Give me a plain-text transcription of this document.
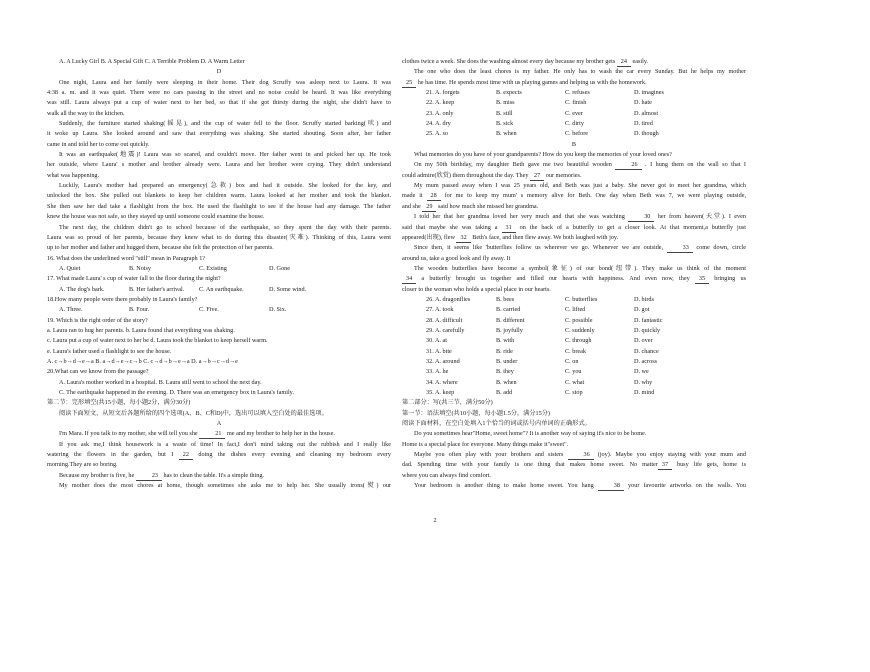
A. A Lucky Girl B. A Special Gift C. A Terrible Problem D. A Warm Letter

D

One night, Laura and her family were sleeping in their home. Their dog Scruffy was asleep next to Laura. It was

4:38 a. m. and it was quiet. There were no cars passing in the street and no noise could be heard. It was like everything

was still. Laura always put a cup of water next to her bed, so that if she got thirsty during the night, she didn't have to

walk all the way to the kitchen.

Suddenly, the furniture started shaking(摇晃), and the cup of water fell to the floor. Scruffy started barking(吠) and

it woke up Laura. She looked around and saw that everything was shaking. She started shouting. Soon after, her father

came in and told her to come out quickly.

It was an earthquake(地震)! Laura was so scared, and couldn't move. Her father went in and picked her up. He took

her outside, where Laura' s mother and brother already were. Laura and her brother were crying. They didn't understand

what was happening.

Luckily, Laura's mother had prepared an emergency(急救) box and had it outside. She looked for the key, and

unlocked the box. She pulled out blankets to keep her children warm. Laura looked at her mother and took the blanket.

She then saw her dad take a flashlight from the box. He used the flashlight to see if the house had any damage. The father

knew the house was not safe, so they stayed up until someone could examine the house.

The next day, the children didn't go to school because of the earthquake, so they spent the day with their parents.

Laura was so proud of her parents, because they knew what to do during this disaster(灾难). Thinking of this, Laura went

up to her mother and father and hugged them, because she felt the protection of her parents.

16. What does the underlined word "still" mean in Paragraph 1?

A. Quiet	B. Noisy	C. Existing	D. Gone

17. What made Laura' s cup of water fall to the floor during the night?

A. The dog's bark.	B. Her father's arrival.	C. An earthquake.	D. Some wind.

18.How many people were there probably in Laura's family?

A. Three.	B. Four.	C. Five.	D. Six.

19. Which is the right order of the story?

a. Laura ran to hug her parents. b. Laura found that everything was shaking.

c. Laura put a cup of water next to her be d. Laura took the blanket to keep herself warm.

e. Laura's father used a flashlight to see the house.

A. c→b→d→e→a B. a→d→e→c→b C. c→d→b→e→a D. a→b→c→d→e

20.What can we know from the passage?

A. Laura's mother worked in a hospital. B. Laura still went to school the next day.

C. The earthquake happened in the evening. D. There was an emergency box in Laura's family.

第二节：完形填空(共15小题，每小题2分，满分30分)

阅读下面短文，从短文后各题所给的四个选项(A、B、C和D)中，选出可以填入空白处的最佳选项。

A

I'm Mara. If you talk to my mother, she will tell you she	21 me and my brother to help her in the house.

If you ask me,I think housework is a waste of time! In fact,I don't mind taking out the rubbish and I really like

watering the flowers in the garden, but I 22 doing the dishes every evening and cleaning my bedroom every

morning.They are so boring.

Because my brother is five, he	23 has to clean the table. It's a simple thing.

My mother does the most chores at home, though sometimes she asks me to help her. She usually irons(熨) our

clothes twice a week. She does the washing almost every day because my brother gets 24 easily.

The one who does the least chores is my father. He only has to wash the car every Sunday. But he helps my mother

25 he has time. He spends most time with us playing games and helping us with the homework.

21. A. forgets	B. expects	C. refuses	D. imagines

22. A. keep	B. miss	C. finish	D. hate

23. A. only	B. still	C. ever	D. almost

24. A. dry	B. sick	C. dirty	D. tired

25. A. so	B. when	C. before	D. though

B

What memories do you have of your grandparents? How do you keep the memories of your loved ones?

On my 50th birthday, my daughter Beth gave me two beautiful wooden	26 . I hung them on the wall so that I

could admire(欣赏) them throughout the day. They 27 our memories.

My mum passed away when I was 25 years old, and Beth was just a baby. She never got to meet her grandma, which

made it 28 for me to keep my mum' s memory alive for Beth. One day when Beth was 7, we were playing outside,

and she 29 said how much she missed her grandma.

I told her that her grandma loved her very much and that she was watching	30 her from heaven(天堂). I even

said that maybe she was taking a 31 on the back of a butterfly to get a closer look. At that moment,a butterfly just

appeared(出现), flew 32 Beth's face, and then flew away. We both laughed with joy.

Since then, it seems like 'butterflies follow us wherever we go. Whenever we are outside,	33 come down, circle

around us, take a good look and fly away. It

The wooden butterflies have become a symbol(象征) of our bond(纽带). They make us think of the moment

34 a butterfly brought us together and filled our hearts with happiness. And even now, they 35 bringing us

closer to the woman who holds a special place in our hearts.

26. A. dragonflies	B. bees	C. butterflies	D. birds

27. A. took	B. carried	C. lifted	D. got

28. A. difficult	B. different	C. possible	D. fantastic

29. A. carefully	B. joyfully	C. suddenly	D. quickly

30. A. at	B. with	C. through	D. over

31. A. bite	B. ride	C. break	D. chance

32. A. around	B. under	C. on	D. across

33. A. he	B. they	C. you	D. we

34. A. where	B. when	C. what	D. why

35. A. keep	B. add	C. stop	D. mind

第二部分：写(共三节，满分50分)

第一节：语法填空(共10小题，每小题1.5分，满分15分)

阅读下面材料，在空白处填入1个恰当的词或括号内单词的正确形式。

Do you sometimes hear"Home, sweet home"? It is another way of saying it's nice to be home.

Home is a special place for everyone. Many things make it"sweet".

Maybe you often play with your brothers and sisters	36 (joy). Maybe you enjoy staying with your mum and

dad. Spending time with your family is one thing that makes home sweet. No matter 37 busy life gets, home is

where you can always find comfort.

Your bedroom is another thing to make home sweet. You hang	38 your favourite artworks on the walls. You

2
